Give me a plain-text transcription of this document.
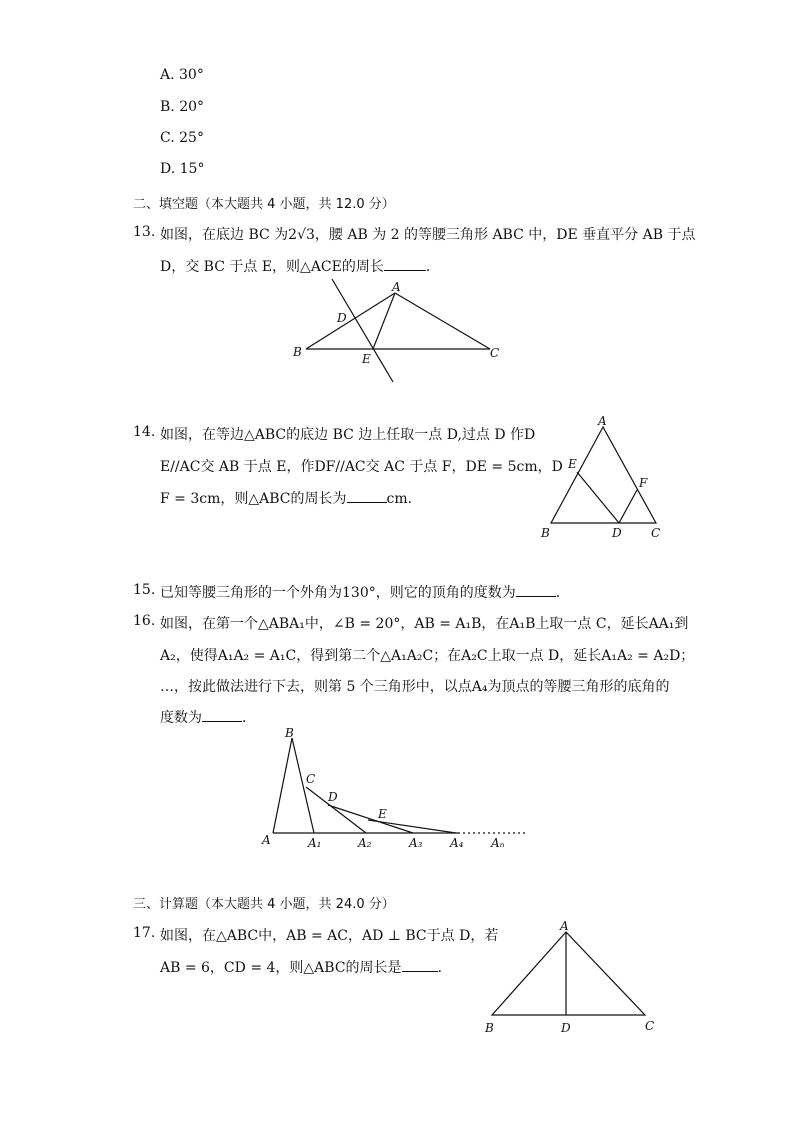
A. 30°
B. 20°
C. 25°
D. 15°
二、填空题（本大题共 4 小题，共 12.0 分）
13. 如图，在底边 BC 为2√3，腰 AB 为 2 的等腰三角形 ABC 中，DE 垂直平分 AB 于点
D，交 BC 于点 E，则△ACE的周长	．
A
B	C
D
E
14. 如图，在等边△ABC的底边 BC 边上任取一点 D,过点 D 作D
E//AC交 AB 于点 E，作DF//AC交 AC 于点 F，DE = 5cm，D
F = 3cm，则△ABC的周长为	cm．
A
B	C
D
E
F
15. 已知等腰三角形的一个外角为130°，则它的顶角的度数为	．
16. 如图，在第一个△ABA₁中，∠B = 20°，AB = A₁B，在A₁B上取一点 C，延长AA₁到
A₂，使得A₁A₂ = A₁C，得到第二个△A₁A₂C；在A₂C上取一点 D，延长A₁A₂ = A₂D；
…，按此做法进行下去，则第 5 个三角形中，以点A₄为顶点的等腰三角形的底角的
度数为	．
B
C
D
E
A	A₁	A₂	A₃ A₄ Aₙ
三、计算题（本大题共 4 小题，共 24.0 分）
17. 如图，在△ABC中，AB = AC，AD ⊥ BC于点 D，若
AB = 6，CD = 4，则△ABC的周长是	．
A
B	D	C
